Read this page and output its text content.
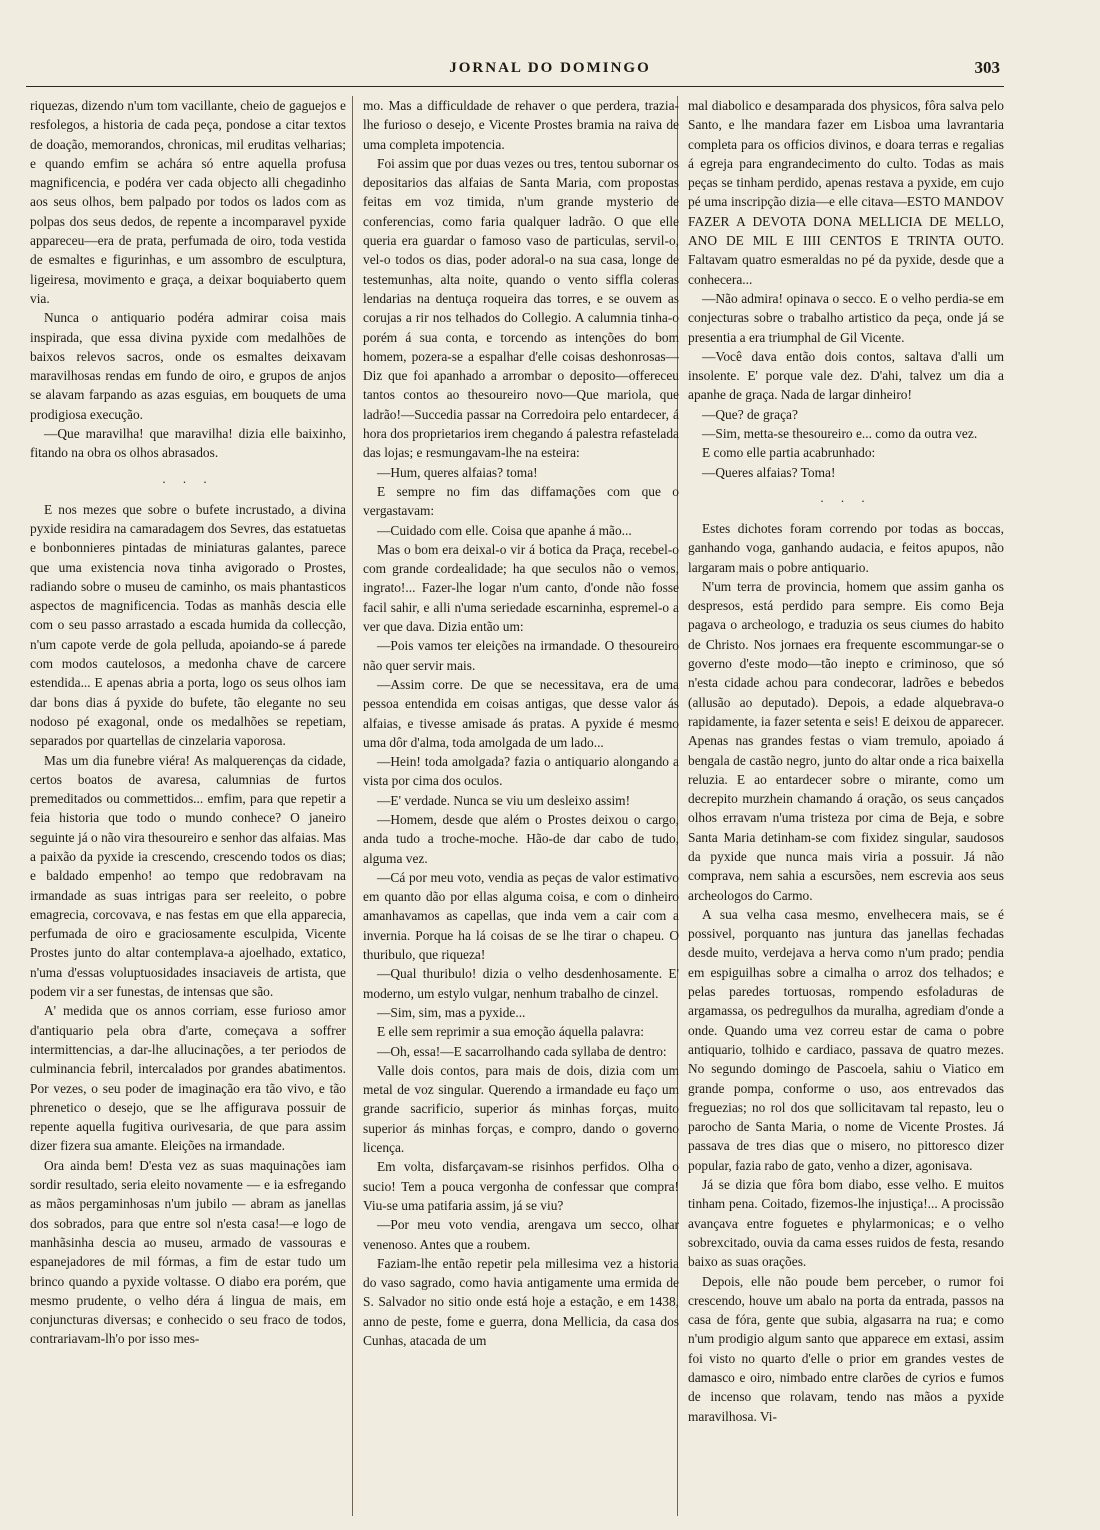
JORNAL DO DOMINGO	303

riquezas, dizendo n'um tom vacillante, cheio de gaguejos e resfolegos, a historia de cada peça, pondose a citar textos de doação, memorandos, chronicas, mil eruditas velharias; e quando emfim se achára só entre aquella profusa magnificencia, e podéra ver cada objecto alli chegadinho aos seus olhos, bem palpado por todos os lados com as polpas dos seus dedos, de repente a incomparavel pyxide appareceu—era de prata, perfumada de oiro, toda vestida de esmaltes e figurinhas, e um assombro de esculptura, ligeiresa, movimento e graça, a deixar boquiaberto quem via.

Nunca o antiquario podéra admirar coisa mais inspirada, que essa divina pyxide com medalhões de baixos relevos sacros, onde os esmaltes deixavam maravilhosas rendas em fundo de oiro, e grupos de anjos se alavam farpando as azas esguias, em bouquets de uma prodigiosa execução.

—Que maravilha! que maravilha! dizia elle baixinho, fitando na obra os olhos abrasados.

. . .

E nos mezes que sobre o bufete incrustado, a divina pyxide residira na camaradagem dos Sevres, das estatuetas e bonbonnieres pintadas de miniaturas galantes, parece que uma existencia nova tinha avigorado o Prostes, radiando sobre o museu de caminho, os mais phantasticos aspectos de magnificencia. Todas as manhãs descia elle com o seu passo arrastado a escada humida da collecção, n'um capote verde de gola pelluda, apoiando-se á parede com modos cautelosos, a medonha chave de carcere estendida... E apenas abria a porta, logo os seus olhos iam dar bons dias á pyxide do bufete, tão elegante no seu nodoso pé exagonal, onde os medalhões se repetiam, separados por quartellas de cinzelaria vaporosa.

Mas um dia funebre viéra! As malquerenças da cidade, certos boatos de avaresa, calumnias de furtos premeditados ou commettidos... emfim, para que repetir a feia historia que todo o mundo conhece? O janeiro seguinte já o não vira thesoureiro e senhor das alfaias. Mas a paixão da pyxide ia crescendo, crescendo todos os dias; e baldado empenho! ao tempo que redobravam na irmandade as suas intrigas para ser reeleito, o pobre emagrecia, corcovava, e nas festas em que ella apparecia, perfumada de oiro e graciosamente esculpida, Vicente Prostes junto do altar contemplava-a ajoelhado, extatico, n'uma d'essas voluptuosidades insaciaveis de artista, que podem vir a ser funestas, de intensas que são.

A' medida que os annos corriam, esse furioso amor d'antiquario pela obra d'arte, começava a soffrer intermittencias, a dar-lhe allucinações, a ter periodos de culminancia febril, intercalados por grandes abatimentos. Por vezes, o seu poder de imaginação era tão vivo, e tão phrenetico o desejo, que se lhe affigurava possuir de repente aquella fugitiva ourivesaria, de que para assim dizer fizera sua amante. Eleições na irmandade.

Ora ainda bem! D'esta vez as suas maquinações iam sordir resultado, seria eleito novamente — e ia esfregando as mãos pergaminhosas n'um jubilo — abram as janellas dos sobrados, para que entre sol n'esta casa!—e logo de manhãsinha descia ao museu, armado de vassouras e espanejadores de mil fórmas, a fim de estar tudo um brinco quando a pyxide voltasse. O diabo era porém, que mesmo prudente, o velho déra á lingua de mais, em conjuncturas diversas; e conhecido o seu fraco de todos, contrariavam-lh'o por isso mes-

mo. Mas a difficuldade de rehaver o que perdera, trazia-lhe furioso o desejo, e Vicente Prostes bramia na raiva de uma completa impotencia.

Foi assim que por duas vezes ou tres, tentou subornar os depositarios das alfaias de Santa Maria, com propostas feitas em voz timida, n'um grande mysterio de conferencias, como faria qualquer ladrão. O que elle queria era guardar o famoso vaso de particulas, servil-o, vel-o todos os dias, poder adoral-o na sua casa, longe de testemunhas, alta noite, quando o vento siffla coleras lendarias na dentuça roqueira das torres, e se ouvem as corujas a rir nos telhados do Collegio. A calumnia tinha-o porém á sua conta, e torcendo as intenções do bom homem, pozera-se a espalhar d'elle coisas deshonrosas—Diz que foi apanhado a arrombar o deposito—offereceu tantos contos ao thesoureiro novo—Que mariola, que ladrão!—Succedia passar na Corredoira pelo entardecer, á hora dos proprietarios irem chegando á palestra refastelada das lojas; e resmungavam-lhe na esteira:

—Hum, queres alfaias? toma!

E sempre no fim das diffamações com que o vergastavam:

—Cuidado com elle. Coisa que apanhe á mão...

Mas o bom era deixal-o vir á botica da Praça, recebel-o com grande cordealidade; ha que seculos não o vemos, ingrato!... Fazer-lhe logar n'um canto, d'onde não fosse facil sahir, e alli n'uma seriedade escarninha, espremel-o a ver que dava. Dizia então um:

—Pois vamos ter eleições na irmandade. O thesoureiro não quer servir mais.

—Assim corre. De que se necessitava, era de uma pessoa entendida em coisas antigas, que desse valor ás alfaias, e tivesse amisade ás pratas. A pyxide é mesmo uma dôr d'alma, toda amolgada de um lado...

—Hein! toda amolgada? fazia o antiquario alongando a vista por cima dos oculos.

—E' verdade. Nunca se viu um desleixo assim!

—Homem, desde que além o Prostes deixou o cargo, anda tudo a troche-moche. Hão-de dar cabo de tudo, alguma vez.

—Cá por meu voto, vendia as peças de valor estimativo em quanto dão por ellas alguma coisa, e com o dinheiro amanhavamos as capellas, que inda vem a cair com a invernia. Porque ha lá coisas de se lhe tirar o chapeu. O thuribulo, que riqueza!

—Qual thuribulo! dizia o velho desdenhosamente. E' moderno, um estylo vulgar, nenhum trabalho de cinzel.

—Sim, sim, mas a pyxide...

E elle sem reprimir a sua emoção áquella palavra:

—Oh, essa!—E sacarrolhando cada syllaba de dentro:

Valle dois contos, para mais de dois, dizia com um metal de voz singular. Querendo a irmandade eu faço um grande sacrificio, superior ás minhas forças, muito superior ás minhas forças, e compro, dando o governo licença.

Em volta, disfarçavam-se risinhos perfidos. Olha o sucio! Tem a pouca vergonha de confessar que compra! Viu-se uma patifaria assim, já se viu?

—Por meu voto vendia, arengava um secco, olhar venenoso. Antes que a roubem.

Faziam-lhe então repetir pela millesima vez a historia do vaso sagrado, como havia antigamente uma ermida de S. Salvador no sitio onde está hoje a estação, e em 1438, anno de peste, fome e guerra, dona Mellicia, da casa dos Cunhas, atacada de um

mal diabolico e desamparada dos physicos, fôra salva pelo Santo, e lhe mandara fazer em Lisboa uma lavrantaria completa para os officios divinos, e doara terras e regalias á egreja para engrandecimento do culto. Todas as mais peças se tinham perdido, apenas restava a pyxide, em cujo pé uma inscripção dizia—e elle citava—ESTO MANDOV FAZER A DEVOTA DONA MELLICIA DE MELLO, ANO DE MIL E IIII CENTOS E TRINTA OUTO. Faltavam quatro esmeraldas no pé da pyxide, desde que a conhecera...

—Não admira! opinava o secco. E o velho perdia-se em conjecturas sobre o trabalho artistico da peça, onde já se presentia a era triumphal de Gil Vicente.

—Você dava então dois contos, saltava d'alli um insolente. E' porque vale dez. D'ahi, talvez um dia a apanhe de graça. Nada de largar dinheiro!

—Que? de graça?

—Sim, metta-se thesoureiro e... como da outra vez.

E como elle partia acabrunhado:

—Queres alfaias? Toma!

. . .

Estes dichotes foram correndo por todas as boccas, ganhando voga, ganhando audacia, e feitos apupos, não largaram mais o pobre antiquario.

N'um terra de provincia, homem que assim ganha os despresos, está perdido para sempre. Eis como Beja pagava o archeologo, e traduzia os seus ciumes do habito de Christo. Nos jornaes era frequente escommungar-se o governo d'este modo—tão inepto e criminoso, que só n'esta cidade achou para condecorar, ladrões e bebedos (allusão ao deputado). Depois, a edade alquebrava-o rapidamente, ia fazer setenta e seis! E deixou de apparecer. Apenas nas grandes festas o viam tremulo, apoiado á bengala de castão negro, junto do altar onde a rica baixella reluzia. E ao entardecer sobre o mirante, como um decrepito murzhein chamando á oração, os seus cançados olhos erravam n'uma tristeza por cima de Beja, e sobre Santa Maria detinham-se com fixidez singular, saudosos da pyxide que nunca mais viria a possuir. Já não comprava, nem sahia a escursões, nem escrevia aos seus archeologos do Carmo.

A sua velha casa mesmo, envelhecera mais, se é possivel, porquanto nas juntura das janellas fechadas desde muito, verdejava a herva como n'um prado; pendia em espiguilhas sobre a cimalha o arroz dos telhados; e pelas paredes tortuosas, rompendo esfoladuras de argamassa, os pedregulhos da muralha, agrediam d'onde a onde. Quando uma vez correu estar de cama o pobre antiquario, tolhido e cardiaco, passava de quatro mezes. No segundo domingo de Pascoela, sahiu o Viatico em grande pompa, conforme o uso, aos entrevados das freguezias; no rol dos que sollicitavam tal repasto, leu o parocho de Santa Maria, o nome de Vicente Prostes. Já passava de tres dias que o misero, no pittoresco dizer popular, fazia rabo de gato, venho a dizer, agonisava.

Já se dizia que fôra bom diabo, esse velho. E muitos tinham pena. Coitado, fizemos-lhe injustiça!... A procissão avançava entre foguetes e phylarmonicas; e o velho sobrexcitado, ouvia da cama esses ruidos de festa, resando baixo as suas orações.

Depois, elle não poude bem perceber, o rumor foi crescendo, houve um abalo na porta da entrada, passos na casa de fóra, gente que subia, algasarra na rua; e como n'um prodigio algum santo que apparece em extasi, assim foi visto no quarto d'elle o prior em grandes vestes de damasco e oiro, nimbado entre clarões de cyrios e fumos de incenso que rolavam, tendo nas mãos a pyxide maravilhosa. Vi-
